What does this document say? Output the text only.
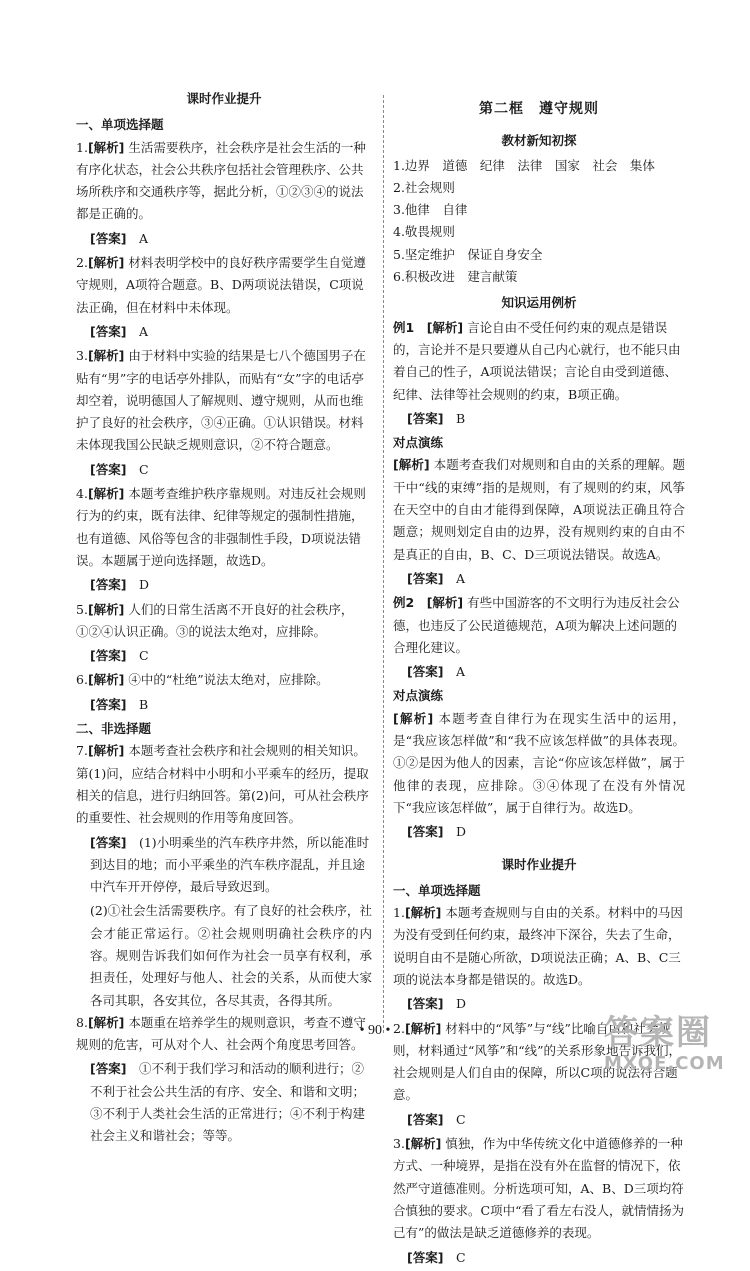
课时作业提升
一、单项选择题
1.[解析] 生活需要秩序，社会秩序是社会生活的一种有序化状态，社会公共秩序包括社会管理秩序、公共场所秩序和交通秩序等，据此分析，①②③④的说法都是正确的。
[答案]　 A
2.[解析] 材料表明学校中的良好秩序需要学生自觉遵守规则，A项符合题意。B、D两项说法错误，C项说法正确，但在材料中未体现。
[答案]　 A
3.[解析] 由于材料中实验的结果是七八个德国男子在贴有“男”字的电话亭外排队，而贴有“女”字的电话亭却空着，说明德国人了解规则、遵守规则，从而也维护了良好的社会秩序，③④正确。①认识错误。材料未体现我国公民缺乏规则意识，②不符合题意。
[答案]　 C
4.[解析] 本题考查维护秩序靠规则。对违反社会规则行为的约束，既有法律、纪律等规定的强制性措施，也有道德、风俗等包含的非强制性手段，D项说法错误。本题属于逆向选择题，故选D。
[答案]　 D
5.[解析] 人们的日常生活离不开良好的社会秩序，①②④认识正确。③的说法太绝对，应排除。
[答案]　 C
6.[解析] ④中的“杜绝”说法太绝对，应排除。
[答案]　 B
二、非选择题
7.[解析] 本题考查社会秩序和社会规则的相关知识。第(1)问，应结合材料中小明和小平乘车的经历，提取相关的信息，进行归纳回答。第(2)问，可从社会秩序的重要性、社会规则的作用等角度回答。
[答案]　 (1)小明乘坐的汽车秩序井然，所以能准时到达目的地；而小平乘坐的汽车秩序混乱，并且途中汽车开开停停，最后导致迟到。
(2)①社会生活需要秩序。有了良好的社会秩序，社会才能正常运行。②社会规则明确社会秩序的内容。规则告诉我们如何作为社会一员享有权利，承担责任，处理好与他人、社会的关系，从而使大家各司其职，各安其位，各尽其责，各得其所。
8.[解析] 本题重在培养学生的规则意识，考查不遵守规则的危害，可从对个人、社会两个角度思考回答。
[答案]　 ①不利于我们学习和活动的顺利进行；②不利于社会公共生活的有序、安全、和谐和文明；③不利于人类社会生活的正常进行；④不利于构建社会主义和谐社会；等等。
第二框　遵守规则
教材新知初探
1.边界　道德　纪律　法律　国家　社会　集体
2.社会规则
3.他律　自律
4.敬畏规则
5.坚定维护　保证自身安全
6.积极改进　建言献策
知识运用例析
例1　 [解析] 言论自由不受任何约束的观点是错误的，言论并不是只要遵从自己内心就行，也不能只由着自己的性子，A项说法错误；言论自由受到道德、纪律、法律等社会规则的约束，B项正确。
[答案]　 B
对点演练
[解析] 本题考查我们对规则和自由的关系的理解。题干中“线的束缚”指的是规则，有了规则的约束，风筝在天空中的自由才能得到保障，A项说法正确且符合题意；规则划定自由的边界，没有规则约束的自由不是真正的自由，B、C、D三项说法错误。故选A。
[答案]　 A
例2　 [解析] 有些中国游客的不文明行为违反社会公德，也违反了公民道德规范，A项为解决上述问题的合理化建议。
[答案]　 A
对点演练
[解析] 本题考查自律行为在现实生活中的运用，是“我应该怎样做”和“我不应该怎样做”的具体表现。①②是因为他人的因素，言论“你应该怎样做”，属于他律的表现，应排除。③④体现了在没有外情况下“我应该怎样做”，属于自律行为。故选D。
[答案]　 D
课时作业提升
一、单项选择题
1.[解析] 本题考查规则与自由的关系。材料中的马因为没有受到任何约束，最终冲下深谷，失去了生命，说明自由不是随心所欲，D项说法正确；A、B、C三项的说法本身都是错误的。故选D。
[答案]　 D
2.[解析] 材料中的“风筝”与“线”比喻自由和社会规则，材料通过“风筝”和“线”的关系形象地告诉我们，社会规则是人们自由的保障，所以C项的说法符合题意。
[答案]　 C
3.[解析] 慎独，作为中华传统文化中道德修养的一种方式、一种境界，是指在没有外在监督的情况下，依然严守道德准则。分析选项可知，A、B、D三项均符合慎独的要求。C项中“看了看左右没人，就情情扬为己有”的做法是缺乏道德修养的表现。
[答案]　 C
• 90 •	答案圈
MXQE.COM
